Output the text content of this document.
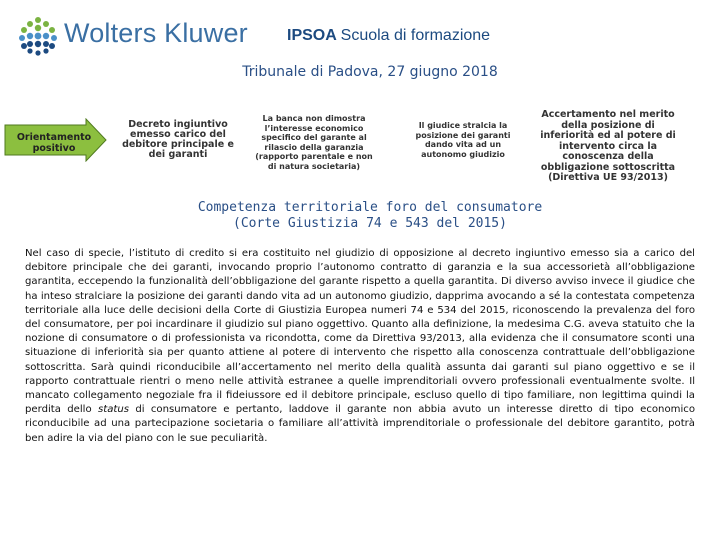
Wolters Kluwer IPSOA Scuola di formazione
Tribunale di Padova, 27 giugno 2018
Orientamento positivo
Decreto ingiuntivo emesso carico del debitore principale e dei garanti
La banca non dimostra l’interesse economico specifico del garante al rilascio della garanzia (rapporto parentale e non di natura societaria)
Il giudice stralcia la posizione dei garanti dando vita ad un autonomo giudizio
Accertamento nel merito della posizione di inferiorità ed al potere di intervento circa la conoscenza della obbligazione sottoscritta (Direttiva UE 93/2013)
Competenza territoriale foro del consumatore
(Corte Giustizia 74 e 543 del 2015)

Nel caso di specie, l’istituto di credito si era costituito nel giudizio di opposizione al decreto ingiuntivo emesso sia a carico del debitore principale che dei garanti, invocando proprio l’autonomo contratto di garanzia e la sua accessorietà all’obbligazione garantita, eccependo la funzionalità dell’obbligazione del garante rispetto a quella garantita. Di diverso avviso invece il giudice che ha inteso stralciare la posizione dei garanti dando vita ad un autonomo giudizio, dapprima avocando a sé la contestata competenza territoriale alla luce delle decisioni della Corte di Giustizia Europea numeri 74 e 534 del 2015, riconoscendo la prevalenza del foro del consumatore, per poi incardinare il giudizio sul piano oggettivo. Quanto alla definizione, la medesima C.G. aveva statuito che la nozione di consumatore o di professionista va ricondotta, come da Direttiva 93/2013, alla evidenza che il consumatore sconti una situazione di inferiorità sia per quanto attiene al potere di intervento che rispetto alla conoscenza contrattuale dell’obbligazione sottoscritta. Sarà quindi riconducibile all’accertamento nel merito della qualità assunta dai garanti sul piano oggettivo e se il rapporto contrattuale rientri o meno nelle attività estranee a quelle imprenditoriali ovvero professionali eventualmente svolte. Il mancato collegamento negoziale fra il fideiussore ed il debitore principale, escluso quello di tipo familiare, non legittima quindi la perdita dello status di consumatore e pertanto, laddove il garante non abbia avuto un interesse diretto di tipo economico riconducibile ad una partecipazione societaria o familiare all’attività imprenditoriale o professionale del debitore garantito, potrà ben adire la via del piano con le sue peculiarità.
